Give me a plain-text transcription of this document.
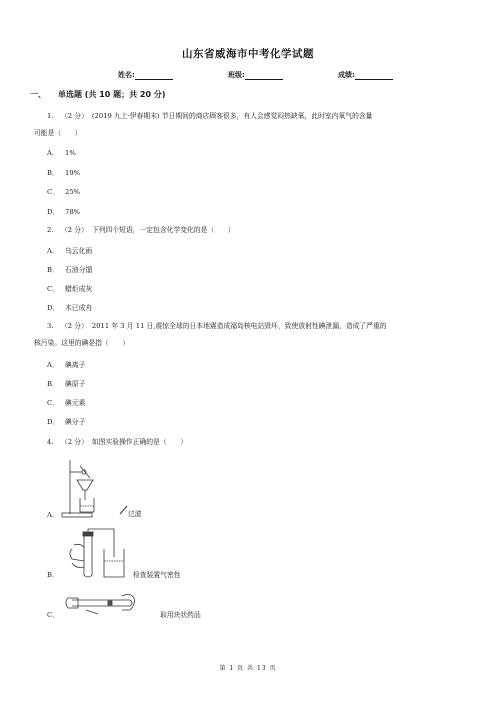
山东省威海市中考化学试题
姓名:	班级:	成绩:
一、 单选题 (共 10 题；共 20 分)
1. （2 分） (2019 九上·伊春期末) 节日期间的商店顾客很多，有人会感觉闷热缺氧，此时室内氧气的含量
可能是（　　）
A． 1%
B． 19%
C． 25%
D． 78%
2. （2 分） 下列四个短语，一定包含化学变化的是（　　）
A． 乌云化雨
B． 石油分馏
C． 蜡炬成灰
D． 木已成舟
3. （2 分） 2011 年 3 月 11 日,震惊全球的日本地震造成福岛核电站毁坏，致使放射性碘泄漏，造成了严重的
核污染。这里的碘是指（　　）
A． 碘离子
B． 碘原子
C． 碘元素
D． 碘分子
4. （2 分） 如图实验操作正确的是（　　）
A．	过滤
B．	检查装置气密性
C．	取用块状药品
第 1 页 共 13 页
